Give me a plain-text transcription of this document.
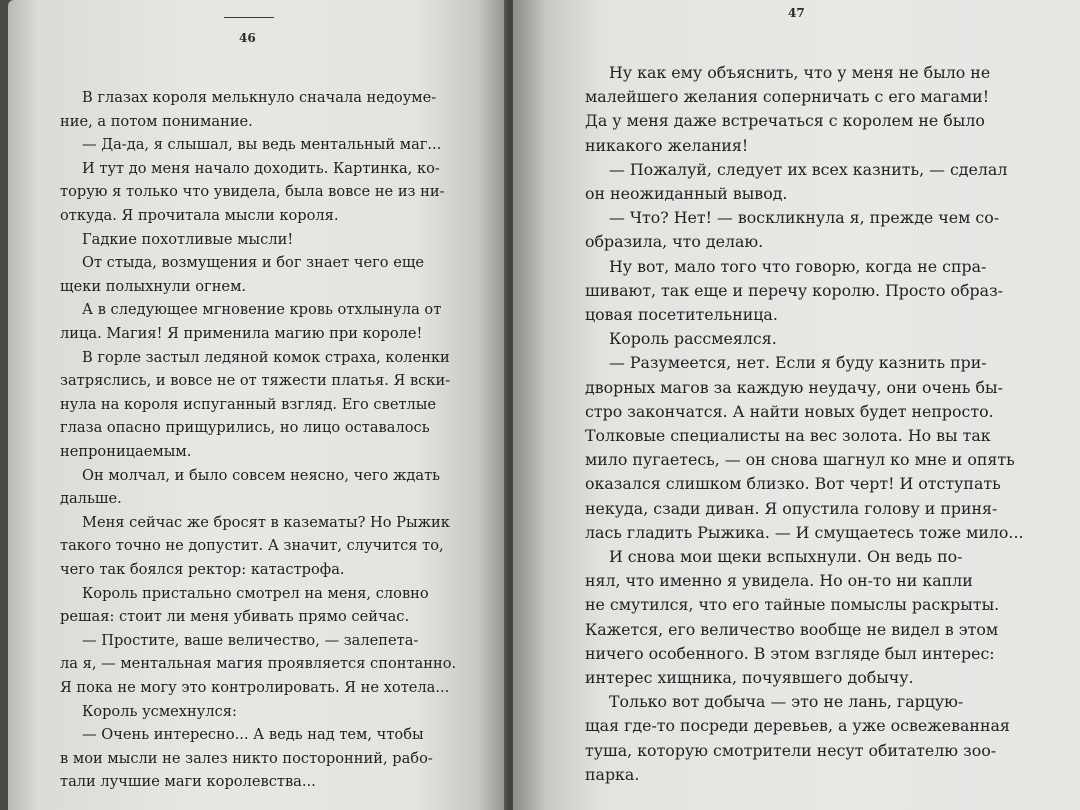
46
В глазах короля мелькнуло сначала недоуме-
ние, а потом понимание.
— Да-да, я слышал, вы ведь ментальный маг...
И тут до меня начало доходить. Картинка, ко-
торую я только что увидела, была вовсе не из ни-
откуда. Я прочитала мысли короля.
Гадкие похотливые мысли!
От стыда, возмущения и бог знает чего еще
щеки полыхнули огнем.
А в следующее мгновение кровь отхлынула от
лица. Магия! Я применила магию при короле!
В горле застыл ледяной комок страха, коленки
затряслись, и вовсе не от тяжести платья. Я вски-
нула на короля испуганный взгляд. Его светлые
глаза опасно прищурились, но лицо оставалось
непроницаемым.
Он молчал, и было совсем неясно, чего ждать
дальше.
Меня сейчас же бросят в казематы? Но Рыжик
такого точно не допустит. А значит, случится то,
чего так боялся ректор: катастрофа.
Король пристально смотрел на меня, словно
решая: стоит ли меня убивать прямо сейчас.
— Простите, ваше величество, — залепета-
ла я, — ментальная магия проявляется спонтанно.
Я пока не могу это контролировать. Я не хотела...
Король усмехнулся:
— Очень интересно... А ведь над тем, чтобы
в мои мысли не залез никто посторонний, рабо-
тали лучшие маги королевства...
47
Ну как ему объяснить, что у меня не было не
малейшего желания соперничать с его магами!
Да у меня даже встречаться с королем не было
никакого желания!
— Пожалуй, следует их всех казнить, — сделал
он неожиданный вывод.
— Что? Нет! — воскликнула я, прежде чем со-
образила, что делаю.
Ну вот, мало того что говорю, когда не спра-
шивают, так еще и перечу королю. Просто образ-
цовая посетительница.
Король рассмеялся.
— Разумеется, нет. Если я буду казнить при-
дворных магов за каждую неудачу, они очень бы-
стро закончатся. А найти новых будет непросто.
Толковые специалисты на вес золота. Но вы так
мило пугаетесь, — он снова шагнул ко мне и опять
оказался слишком близко. Вот черт! И отступать
некуда, сзади диван. Я опустила голову и приня-
лась гладить Рыжика. — И смущаетесь тоже мило...
И снова мои щеки вспыхнули. Он ведь по-
нял, что именно я увидела. Но он-то ни капли
не смутился, что его тайные помыслы раскрыты.
Кажется, его величество вообще не видел в этом
ничего особенного. В этом взгляде был интерес:
интерес хищника, почуявшего добычу.
Только вот добыча — это не лань, гарцую-
щая где-то посреди деревьев, а уже освежеванная
туша, которую смотрители несут обитателю зоо-
парка.
